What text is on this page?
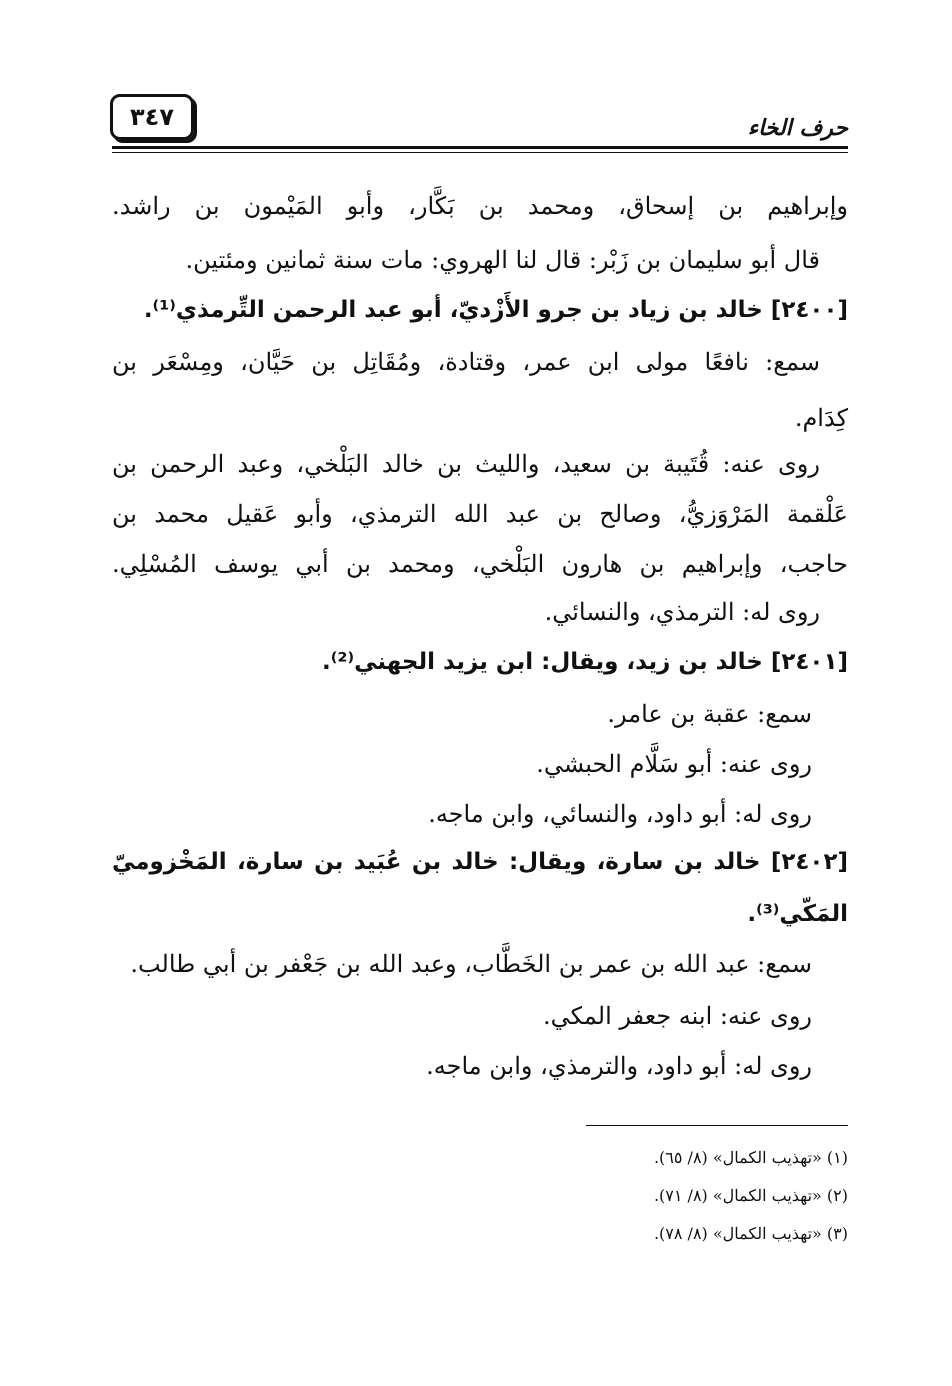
حرف الخاء
٣٤٧
وإبراهيم بن إسحاق، ومحمد بن بَكَّار، وأبو المَيْمون بن راشد.
قال أبو سليمان بن زَبْر: قال لنا الهروي: مات سنة ثمانين ومئتين.
[٢٤٠٠] خالد بن زياد بن جرو الأَزْديّ، أبو عبد الرحمن التِّرمذي⁽¹⁾.
سمع: نافعًا مولى ابن عمر، وقتادة، ومُقَاتِل بن حَيَّان، ومِسْعَر بن
كِدَام.
روى عنه: قُتَيبة بن سعيد، والليث بن خالد البَلْخي، وعبد الرحمن بن
عَلْقمة المَرْوَزيُّ، وصالح بن عبد الله الترمذي، وأبو عَقيل محمد بن
حاجب، وإبراهيم بن هارون البَلْخي، ومحمد بن أبي يوسف المُسْلِي.
روى له: الترمذي، والنسائي.
[٢٤٠١] خالد بن زيد، ويقال: ابن يزيد الجهني⁽²⁾.
سمع: عقبة بن عامر.
روى عنه: أبو سَلَّام الحبشي.
روى له: أبو داود، والنسائي، وابن ماجه.
[٢٤٠٢] خالد بن سارة، ويقال: خالد بن عُبَيد بن سارة، المَخْزوميّ
المَكّي⁽³⁾.
سمع: عبد الله بن عمر بن الخَطَّاب، وعبد الله بن جَعْفر بن أبي طالب.
روى عنه: ابنه جعفر المكي.
روى له: أبو داود، والترمذي، وابن ماجه.
(١) «تهذيب الكمال» (٨/ ٦٥).
(٢) «تهذيب الكمال» (٨/ ٧١).
(٣) «تهذيب الكمال» (٨/ ٧٨).
